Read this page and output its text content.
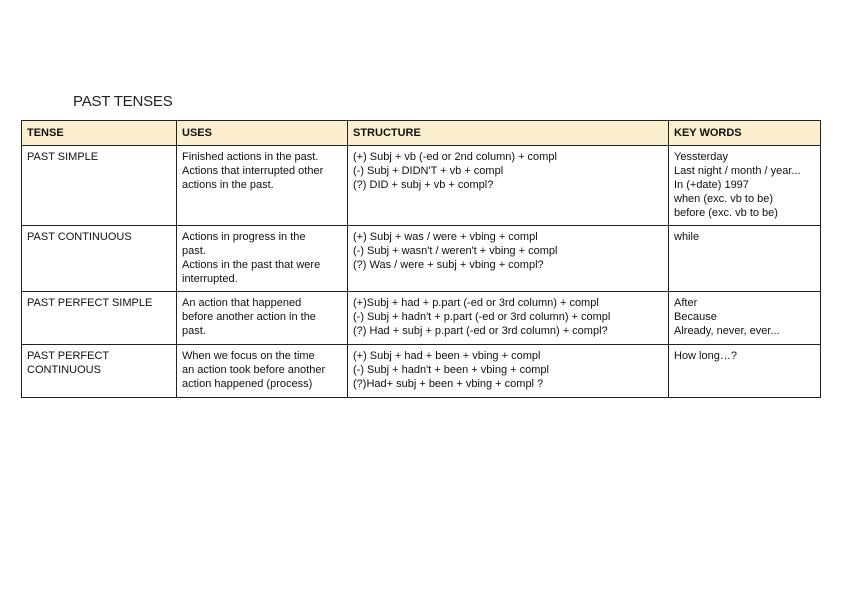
PAST TENSES
TENSE	USES	STRUCTURE	KEY WORDS

PAST SIMPLE	Finished actions in the past.
Actions that interrupted other
actions in the past.	(+) Subj + vb (-ed or 2nd column) + compl
(-) Subj + DIDN'T + vb + compl
(?) DID + subj + vb + compl?	Yessterday
Last night / month / year...
In (+date) 1997
when (exc. vb to be)
before (exc. vb to be)

PAST CONTINUOUS	Actions in progress in the
past.
Actions in the past that were
interrupted.	(+) Subj + was / were + vbing + compl
(-) Subj + wasn't / weren't + vbing + compl
(?) Was / were + subj + vbing + compl?	while

PAST PERFECT SIMPLE	An action that happened
before another action in the
past.	(+)Subj + had + p.part (-ed or 3rd column) + compl
(-) Subj + hadn't + p.part (-ed or 3rd column) + compl
(?) Had + subj + p.part (-ed or 3rd column) + compl?	After
Because
Already, never, ever...

PAST PERFECT
CONTINUOUS	When we focus on the time
an action took before another
action happened (process)	(+) Subj + had + been + vbing + compl
(-) Subj + hadn't + been + vbing + compl
(?)Had+ subj + been + vbing + compl ?	How long…?
